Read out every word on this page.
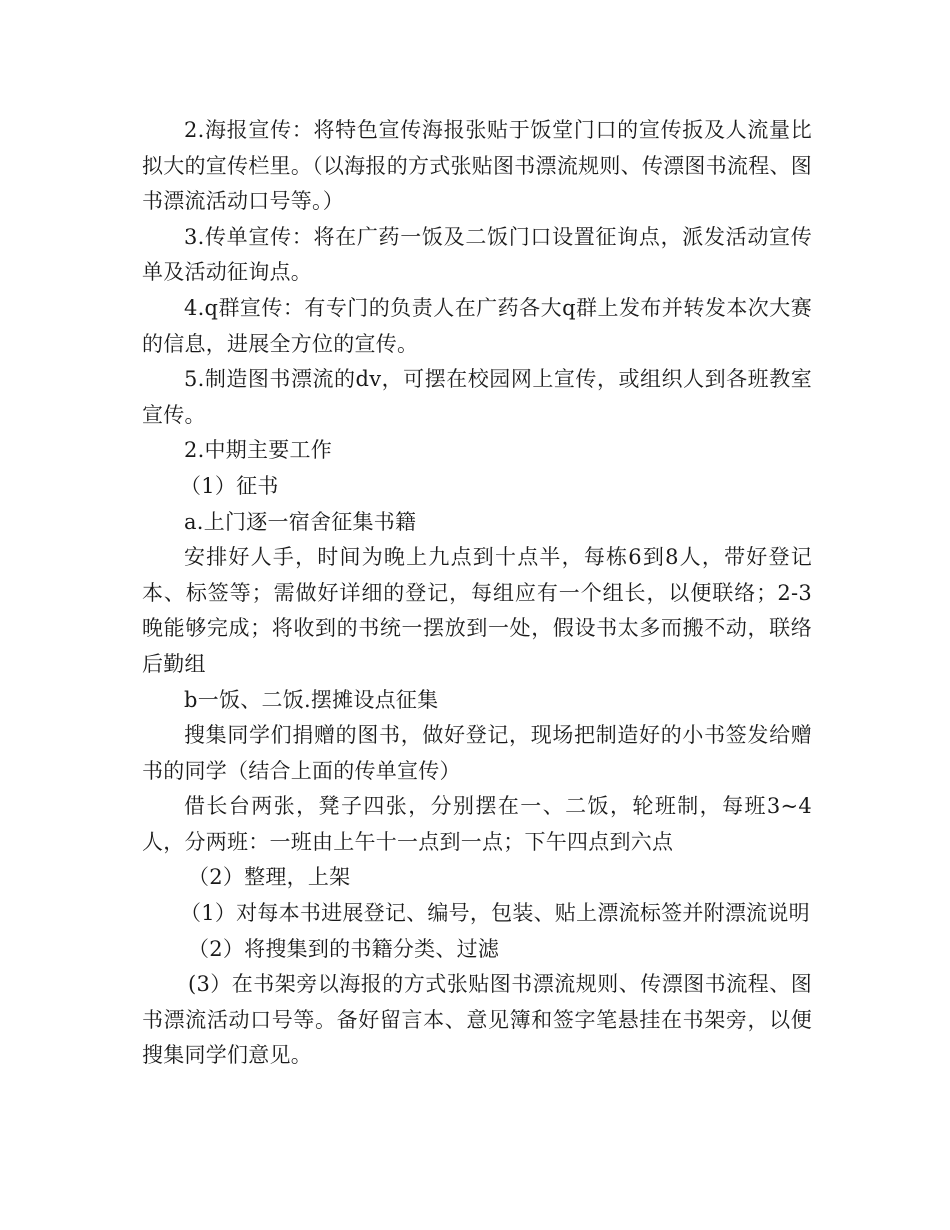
2.海报宣传：将特色宣传海报张贴于饭堂门口的宣传扳及人流量比拟大的宣传栏里。（以海报的方式张贴图书漂流规则、传漂图书流程、图书漂流活动口号等。）

3.传单宣传：将在广药一饭及二饭门口设置征询点，派发活动宣传单及活动征询点。

4.q群宣传：有专门的负责人在广药各大q群上发布并转发本次大赛的信息，进展全方位的宣传。

5.制造图书漂流的dv，可摆在校园网上宣传，或组织人到各班教室宣传。

2.中期主要工作

（1）征书

a.上门逐一宿舍征集书籍

安排好人手，时间为晚上九点到十点半，每栋6到8人，带好登记本、标签等；需做好详细的登记，每组应有一个组长，以便联络；2-3晚能够完成；将收到的书统一摆放到一处，假设书太多而搬不动，联络后勤组

b一饭、二饭.摆摊设点征集

搜集同学们捐赠的图书，做好登记，现场把制造好的小书签发给赠书的同学（结合上面的传单宣传）

借长台两张，凳子四张，分别摆在一、二饭，轮班制，每班3~4人，分两班：一班由上午十一点到一点；下午四点到六点

（2）整理，上架

（1）对每本书进展登记、编号，包装、贴上漂流标签并附漂流说明

（2）将搜集到的书籍分类、过滤

(3）在书架旁以海报的方式张贴图书漂流规则、传漂图书流程、图书漂流活动口号等。备好留言本、意见簿和签字笔悬挂在书架旁，以便搜集同学们意见。
